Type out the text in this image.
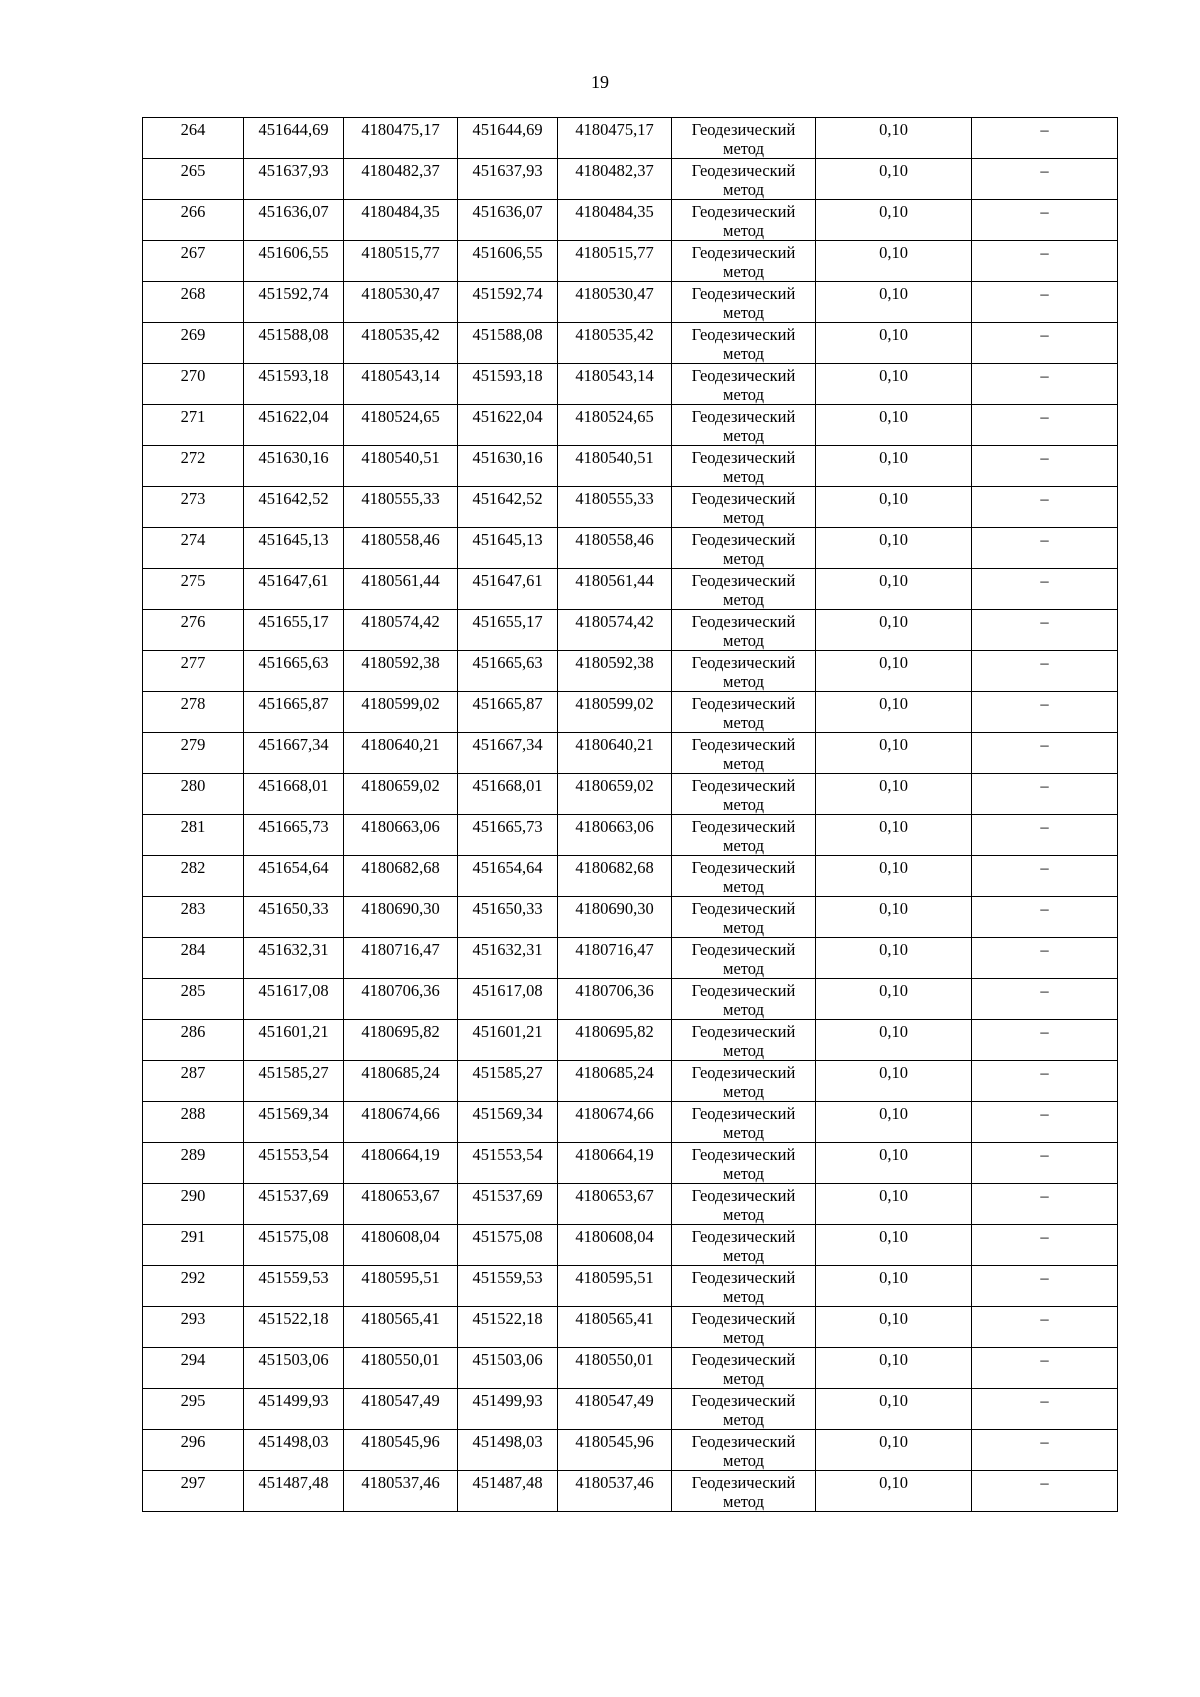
19
264	451644,69	4180475,17	451644,69	4180475,17	Геодезический метод	0,10	–

265	451637,93	4180482,37	451637,93	4180482,37	Геодезический метод	0,10	–

266	451636,07	4180484,35	451636,07	4180484,35	Геодезический метод	0,10	–

267	451606,55	4180515,77	451606,55	4180515,77	Геодезический метод	0,10	–

268	451592,74	4180530,47	451592,74	4180530,47	Геодезический метод	0,10	–

269	451588,08	4180535,42	451588,08	4180535,42	Геодезический метод	0,10	–

270	451593,18	4180543,14	451593,18	4180543,14	Геодезический метод	0,10	–

271	451622,04	4180524,65	451622,04	4180524,65	Геодезический метод	0,10	–

272	451630,16	4180540,51	451630,16	4180540,51	Геодезический метод	0,10	–

273	451642,52	4180555,33	451642,52	4180555,33	Геодезический метод	0,10	–

274	451645,13	4180558,46	451645,13	4180558,46	Геодезический метод	0,10	–

275	451647,61	4180561,44	451647,61	4180561,44	Геодезический метод	0,10	–

276	451655,17	4180574,42	451655,17	4180574,42	Геодезический метод	0,10	–

277	451665,63	4180592,38	451665,63	4180592,38	Геодезический метод	0,10	–

278	451665,87	4180599,02	451665,87	4180599,02	Геодезический метод	0,10	–

279	451667,34	4180640,21	451667,34	4180640,21	Геодезический метод	0,10	–

280	451668,01	4180659,02	451668,01	4180659,02	Геодезический метод	0,10	–

281	451665,73	4180663,06	451665,73	4180663,06	Геодезический метод	0,10	–

282	451654,64	4180682,68	451654,64	4180682,68	Геодезический метод	0,10	–

283	451650,33	4180690,30	451650,33	4180690,30	Геодезический метод	0,10	–

284	451632,31	4180716,47	451632,31	4180716,47	Геодезический метод	0,10	–

285	451617,08	4180706,36	451617,08	4180706,36	Геодезический метод	0,10	–

286	451601,21	4180695,82	451601,21	4180695,82	Геодезический метод	0,10	–

287	451585,27	4180685,24	451585,27	4180685,24	Геодезический метод	0,10	–

288	451569,34	4180674,66	451569,34	4180674,66	Геодезический метод	0,10	–

289	451553,54	4180664,19	451553,54	4180664,19	Геодезический метод	0,10	–

290	451537,69	4180653,67	451537,69	4180653,67	Геодезический метод	0,10	–

291	451575,08	4180608,04	451575,08	4180608,04	Геодезический метод	0,10	–

292	451559,53	4180595,51	451559,53	4180595,51	Геодезический метод	0,10	–

293	451522,18	4180565,41	451522,18	4180565,41	Геодезический метод	0,10	–

294	451503,06	4180550,01	451503,06	4180550,01	Геодезический метод	0,10	–

295	451499,93	4180547,49	451499,93	4180547,49	Геодезический метод	0,10	–

296	451498,03	4180545,96	451498,03	4180545,96	Геодезический метод	0,10	–

297	451487,48	4180537,46	451487,48	4180537,46	Геодезический метод	0,10	–
